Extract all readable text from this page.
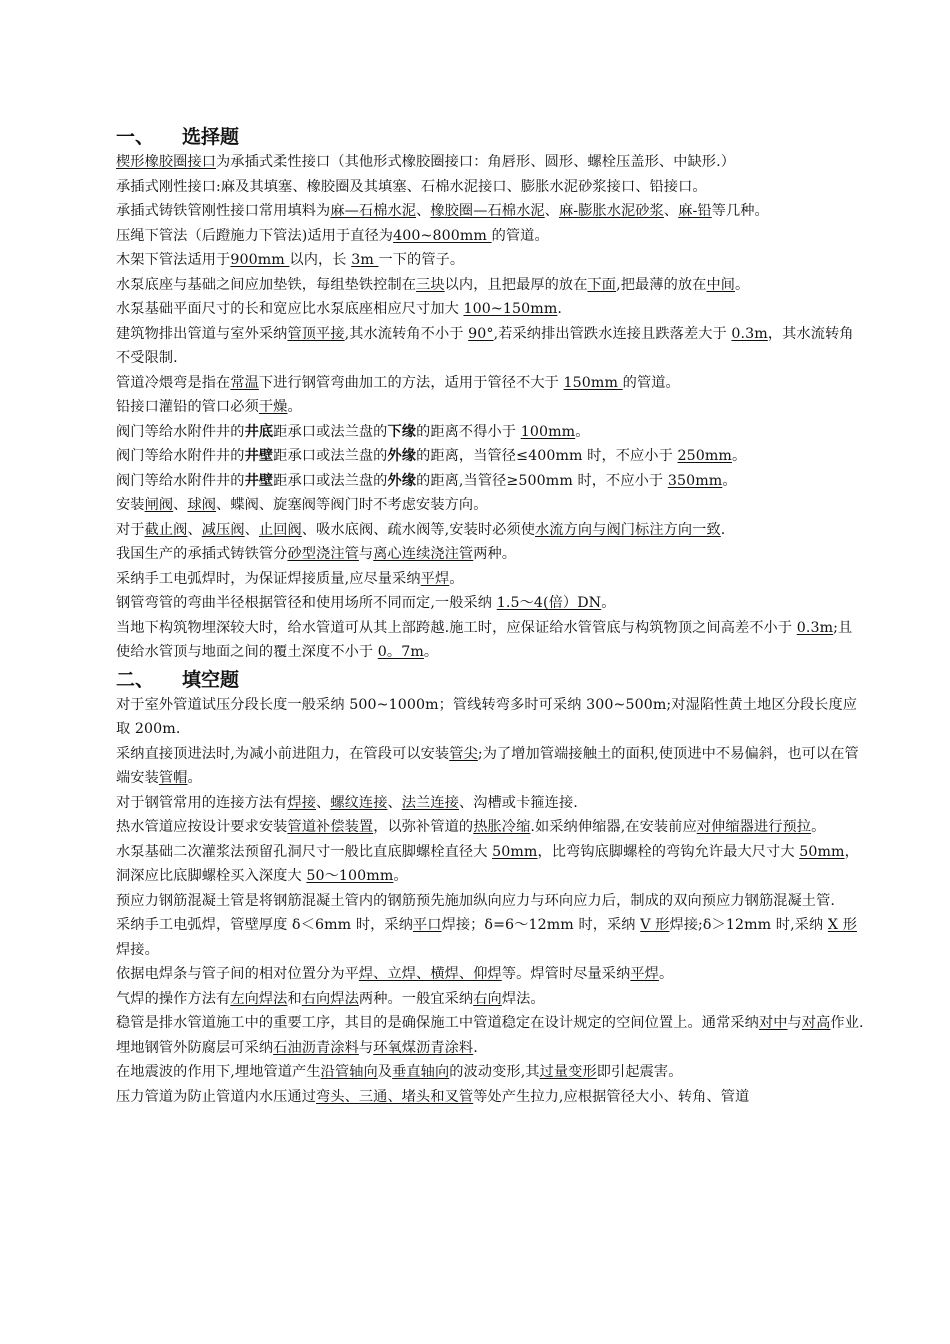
一、	选择题

楔形橡胶圈接口为承插式柔性接口（其他形式橡胶圈接口：角唇形、圆形、螺栓压盖形、中缺形.）

承插式刚性接口:麻及其填塞、橡胶圈及其填塞、石棉水泥接口、膨胀水泥砂浆接口、铅接口。

承插式铸铁管刚性接口常用填料为麻—石棉水泥、橡胶圈—石棉水泥、麻-膨胀水泥砂浆、麻-铅等几种。

压绳下管法（后蹬施力下管法)适用于直径为400~800mm 的管道。

木架下管法适用于900mm 以内，长 3m 一下的管子。

水泵底座与基础之间应加垫铁，每组垫铁控制在三块以内，且把最厚的放在下面,把最薄的放在中间。

水泵基础平面尺寸的长和宽应比水泵底座相应尺寸加大 100~150mm.

建筑物排出管道与室外采纳管顶平接,其水流转角不小于 90°,若采纳排出管跌水连接且跌落差大于 0.3m，其水流转角不受限制.

管道冷煨弯是指在常温下进行钢管弯曲加工的方法，适用于管径不大于 150mm 的管道。

铅接口灌铅的管口必须干燥。

阀门等给水附件井的井底距承口或法兰盘的下缘的距离不得小于 100mm。

阀门等给水附件井的井壁距承口或法兰盘的外缘的距离，当管径≤400mm 时，不应小于 250mm。

阀门等给水附件井的井壁距承口或法兰盘的外缘的距离,当管径≥500mm 时，不应小于 350mm。

安装闸阀、球阀、蝶阀、旋塞阀等阀门时不考虑安装方向。

对于截止阀、减压阀、止回阀、吸水底阀、疏水阀等,安装时必须使水流方向与阀门标注方向一致.

我国生产的承插式铸铁管分砂型浇注管与离心连续浇注管两种。

采纳手工电弧焊时，为保证焊接质量,应尽量采纳平焊。

钢管弯管的弯曲半径根据管径和使用场所不同而定,一般采纳 1.5～4(倍）DN。

当地下构筑物埋深较大时，给水管道可从其上部跨越.施工时，应保证给水管管底与构筑物顶之间高差不小于 0.3m;且使给水管顶与地面之间的覆土深度不小于 0。7m。

二、	填空题

对于室外管道试压分段长度一般采纳 500~1000m；管线转弯多时可采纳 300~500m;对湿陷性黄土地区分段长度应取 200m.

采纳直接顶进法时,为减小前进阻力，在管段可以安装管尖;为了增加管端接触土的面积,使顶进中不易偏斜，也可以在管端安装管帽。

对于钢管常用的连接方法有焊接、螺纹连接、法兰连接、沟槽或卡箍连接.

热水管道应按设计要求安装管道补偿装置，以弥补管道的热胀冷缩.如采纳伸缩器,在安装前应对伸缩器进行预拉。

水泵基础二次灌浆法预留孔洞尺寸一般比直底脚螺栓直径大 50mm，比弯钩底脚螺栓的弯钩允许最大尺寸大 50mm，洞深应比底脚螺栓买入深度大 50～100mm。

预应力钢筋混凝土管是将钢筋混凝土管内的钢筋预先施加纵向应力与环向应力后，制成的双向预应力钢筋混凝土管.

采纳手工电弧焊，管壁厚度 δ＜6mm 时，采纳平口焊接；δ=6～12mm 时，采纳 V 形焊接;δ＞12mm 时,采纳 X 形焊接。

依据电焊条与管子间的相对位置分为平焊、立焊、横焊、仰焊等。焊管时尽量采纳平焊。

气焊的操作方法有左向焊法和右向焊法两种。一般宜采纳右向焊法。

稳管是排水管道施工中的重要工序，其目的是确保施工中管道稳定在设计规定的空间位置上。通常采纳对中与对高作业.

埋地钢管外防腐层可采纳石油沥青涂料与环氧煤沥青涂料.

在地震波的作用下,埋地管道产生沿管轴向及垂直轴向的波动变形,其过量变形即引起震害。

压力管道为防止管道内水压通过弯头、三通、堵头和叉管等处产生拉力,应根据管径大小、转角、管道
